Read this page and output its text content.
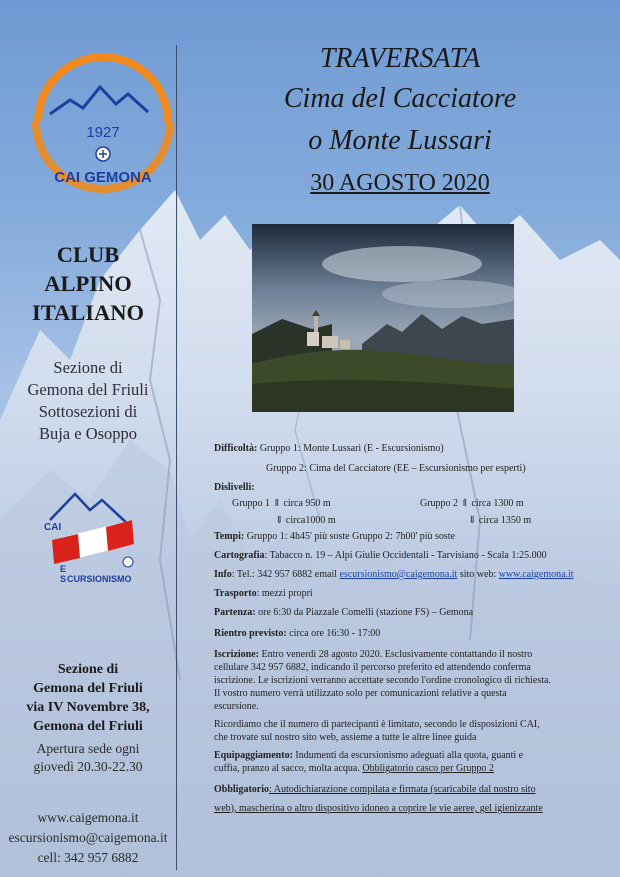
1927
CAI GEMONA
CLUB
ALPINO
ITALIANO
Sezione di
Gemona del Friuli
Sottosezioni di
Buja e Osoppo
CAI
E
S CURSIONISMO
Sezione di
Gemona del Friuli
via IV Novembre 38,
Gemona del Friuli
Apertura sede ogni
giovedì 20.30-22.30
www.caigemona.it
escursionismo@caigemona.it
cell: 342 957 6882
TRAVERSATA
Cima del Cacciatore
o Monte Lussari
30 AGOSTO 2020
Difficoltà: Gruppo 1: Monte Lussari (E - Escursionismo)
Gruppo 2: Cima del Cacciatore (EE – Escursionismo per esperti)
Dislivelli:
Gruppo 1 ⇑ circa 950 m
⇓ circa1000 m
Gruppo 2 ⇑ circa 1300 m
⇓ circa 1350 m
Tempi: Gruppo 1: 4h45' più soste Gruppo 2: 7h00' più soste
Cartografia: Tabacco n. 19 – Alpi Giulie Occidentali - Tarvisiano - Scala 1:25.000
Info: Tel.: 342 957 6882 email escursionismo@caigemona.it sito web: www.caigemona.it
Trasporto: mezzi propri
Partenza: ore 6:30 da Piazzale Comelli (stazione FS) – Gemona
Rientro previsto: circa ore 16:30 - 17:00
Iscrizione: Entro venerdì 28 agosto 2020. Esclusivamente contattando il nostro
cellulare 342 957 6882, indicando il percorso preferito ed attendendo conferma
iscrizione. Le iscrizioni verranno accettate secondo l'ordine cronologico di richiesta.
Il vostro numero verrà utilizzato solo per comunicazioni relative a questa
escursione.
Ricordiamo che il numero di partecipanti è limitato, secondo le disposizioni CAI,
che trovate sul nostro sito web, assieme a tutte le altre linee guida
Equipaggiamento: Indumenti da escursionismo adeguati alla quota, guanti e
cuffia, pranzo al sacco, molta acqua. Obbligatorio casco per Gruppo 2
Obbligatorio: Autodichiarazione compilata e firmata (scaricabile dal nostro sito
web), mascherina o altro dispositivo idoneo a coprire le vie aeree, gel igienizzante
